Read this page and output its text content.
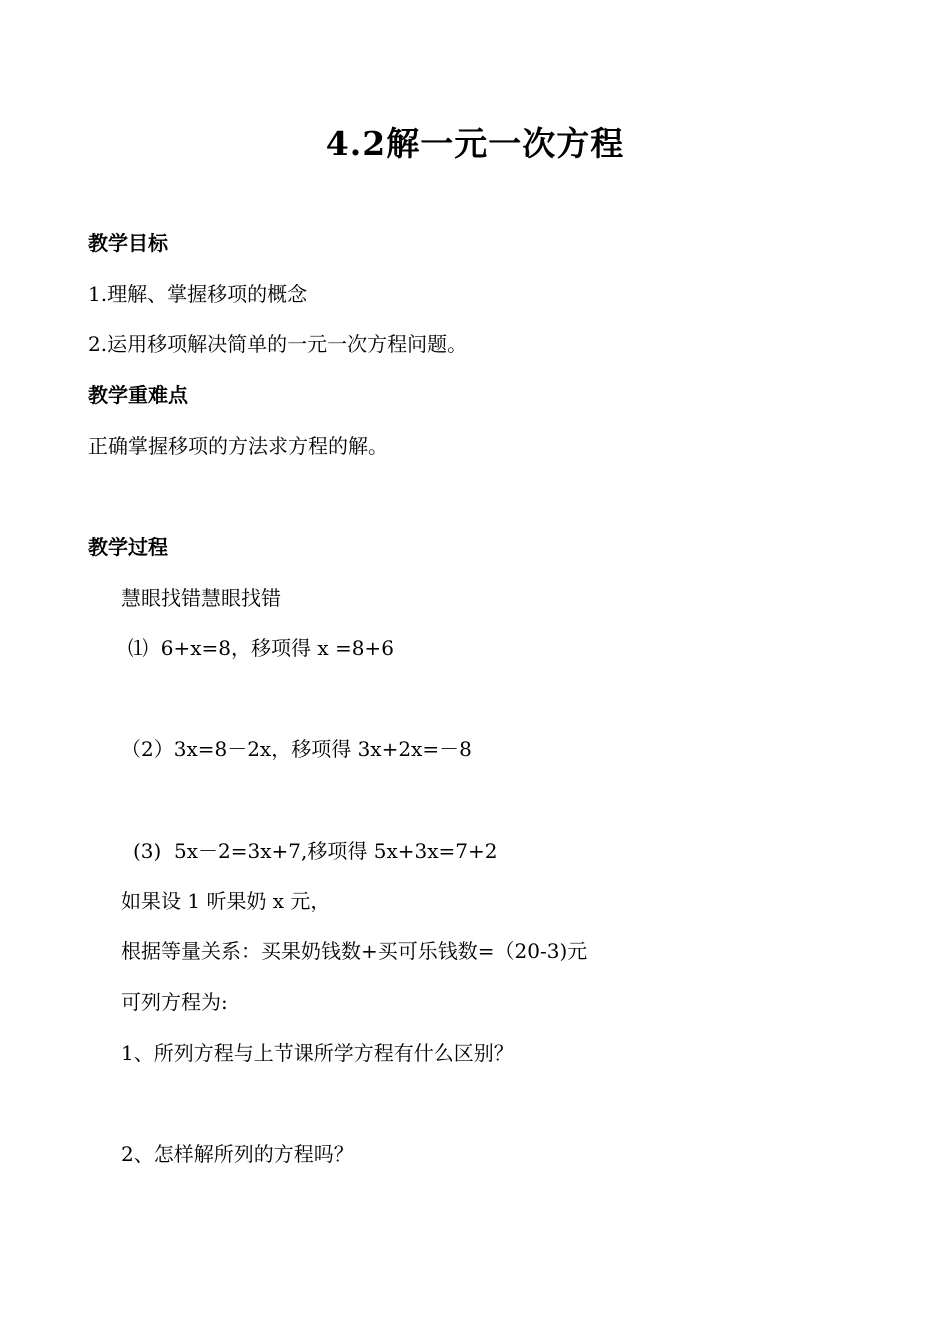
4.2解一元一次方程
教学目标
1.理解、掌握移项的概念
2.运用移项解决简单的一元一次方程问题。
教学重难点
正确掌握移项的方法求方程的解。
教学过程
慧眼找错慧眼找错
⑴  6+x=8，移项得 x =8+6
（2）3x=8－2x，移项得 3x+2x=－8
(3)  5x－2=3x+7,移项得 5x+3x=7+2
如果设 1 听果奶 x 元，
根据等量关系：买果奶钱数+买可乐钱数=（20-3)元
可列方程为:
1、所列方程与上节课所学方程有什么区别？
2、怎样解所列的方程吗？
